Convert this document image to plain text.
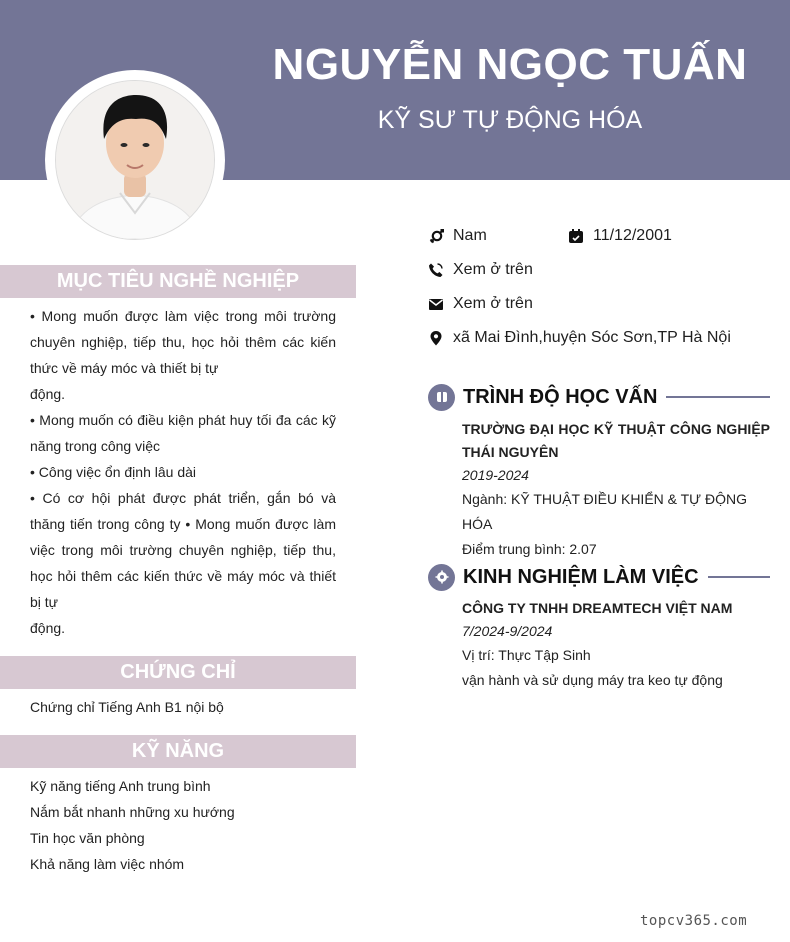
NGUYỄN NGỌC TUẤN
KỸ SƯ TỰ ĐỘNG HÓA
MỤC TIÊU NGHỀ NGHIỆP

• Mong muốn được làm việc trong môi trường chuyên nghiệp, tiếp thu, học hỏi thêm các kiến thức về máy móc và thiết bị tự

động.

• Mong muốn có điều kiện phát huy tối đa các kỹ năng trong công việc

• Công việc ổn định lâu dài

• Có cơ hội phát được phát triển, gắn bó và thăng tiến trong công ty • Mong muốn được làm việc trong môi trường chuyên nghiệp, tiếp thu, học hỏi thêm các kiến thức về máy móc và thiết bị tự

động.

CHỨNG CHỈ
Chứng chỉ Tiếng Anh B1 nội bộ
KỸ NĂNG
Kỹ năng tiếng Anh trung bình
Nắm bắt nhanh những xu hướng
Tin học văn phòng
Khả năng làm việc nhóm
Nam	11/12/2001
Xem ở trên
Xem ở trên
xã Mai Đình,huyện Sóc Sơn,TP Hà Nội
TRÌNH ĐỘ HỌC VẤN
TRƯỜNG ĐẠI HỌC KỸ THUẬT CÔNG NGHIỆP THÁI NGUYÊN
2019-2024
Ngành: KỸ THUẬT ĐIỀU KHIỂN & TỰ ĐỘNG HÓA
Điểm trung bình: 2.07
KINH NGHIỆM LÀM VIỆC
CÔNG TY TNHH DREAMTECH VIỆT NAM
7/2024-9/2024
Vị trí: Thực Tập Sinh
vận hành và sử dụng máy tra keo tự động
topcv365.com
